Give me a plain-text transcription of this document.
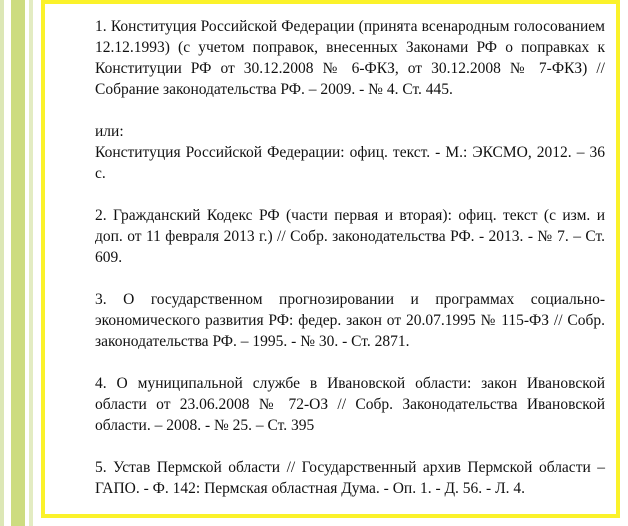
1. Конституция Российской Федерации (принята всенародным голосованием 12.12.1993) (с учетом поправок, внесенных Законами РФ о поправках к Конституции РФ от 30.12.2008 № 6-ФКЗ, от 30.12.2008 № 7-ФКЗ) // Собрание законодательства РФ. – 2009. - № 4. Ст. 445.

или:
Конституция Российской Федерации: офиц. текст. - М.: ЭКСМО, 2012. – 36 с.

2. Гражданский Кодекс РФ (части первая и вторая): офиц. текст (с изм. и доп. от 11 февраля 2013 г.) // Собр. законодательства РФ. - 2013. - № 7. – Ст. 609.

3. О государственном прогнозировании и программах социально-экономического развития РФ: федер. закон от 20.07.1995 № 115-ФЗ // Собр. законодательства РФ. – 1995. - № 30. - Ст. 2871.

4. О муниципальной службе в Ивановской области: закон Ивановской области от 23.06.2008 № 72-ОЗ // Собр. Законодательства Ивановской области. – 2008. - № 25. – Ст. 395

5. Устав Пермской области // Государственный архив Пермской области – ГАПО. - Ф. 142: Пермская областная Дума. - Оп. 1. - Д. 56. - Л. 4.
